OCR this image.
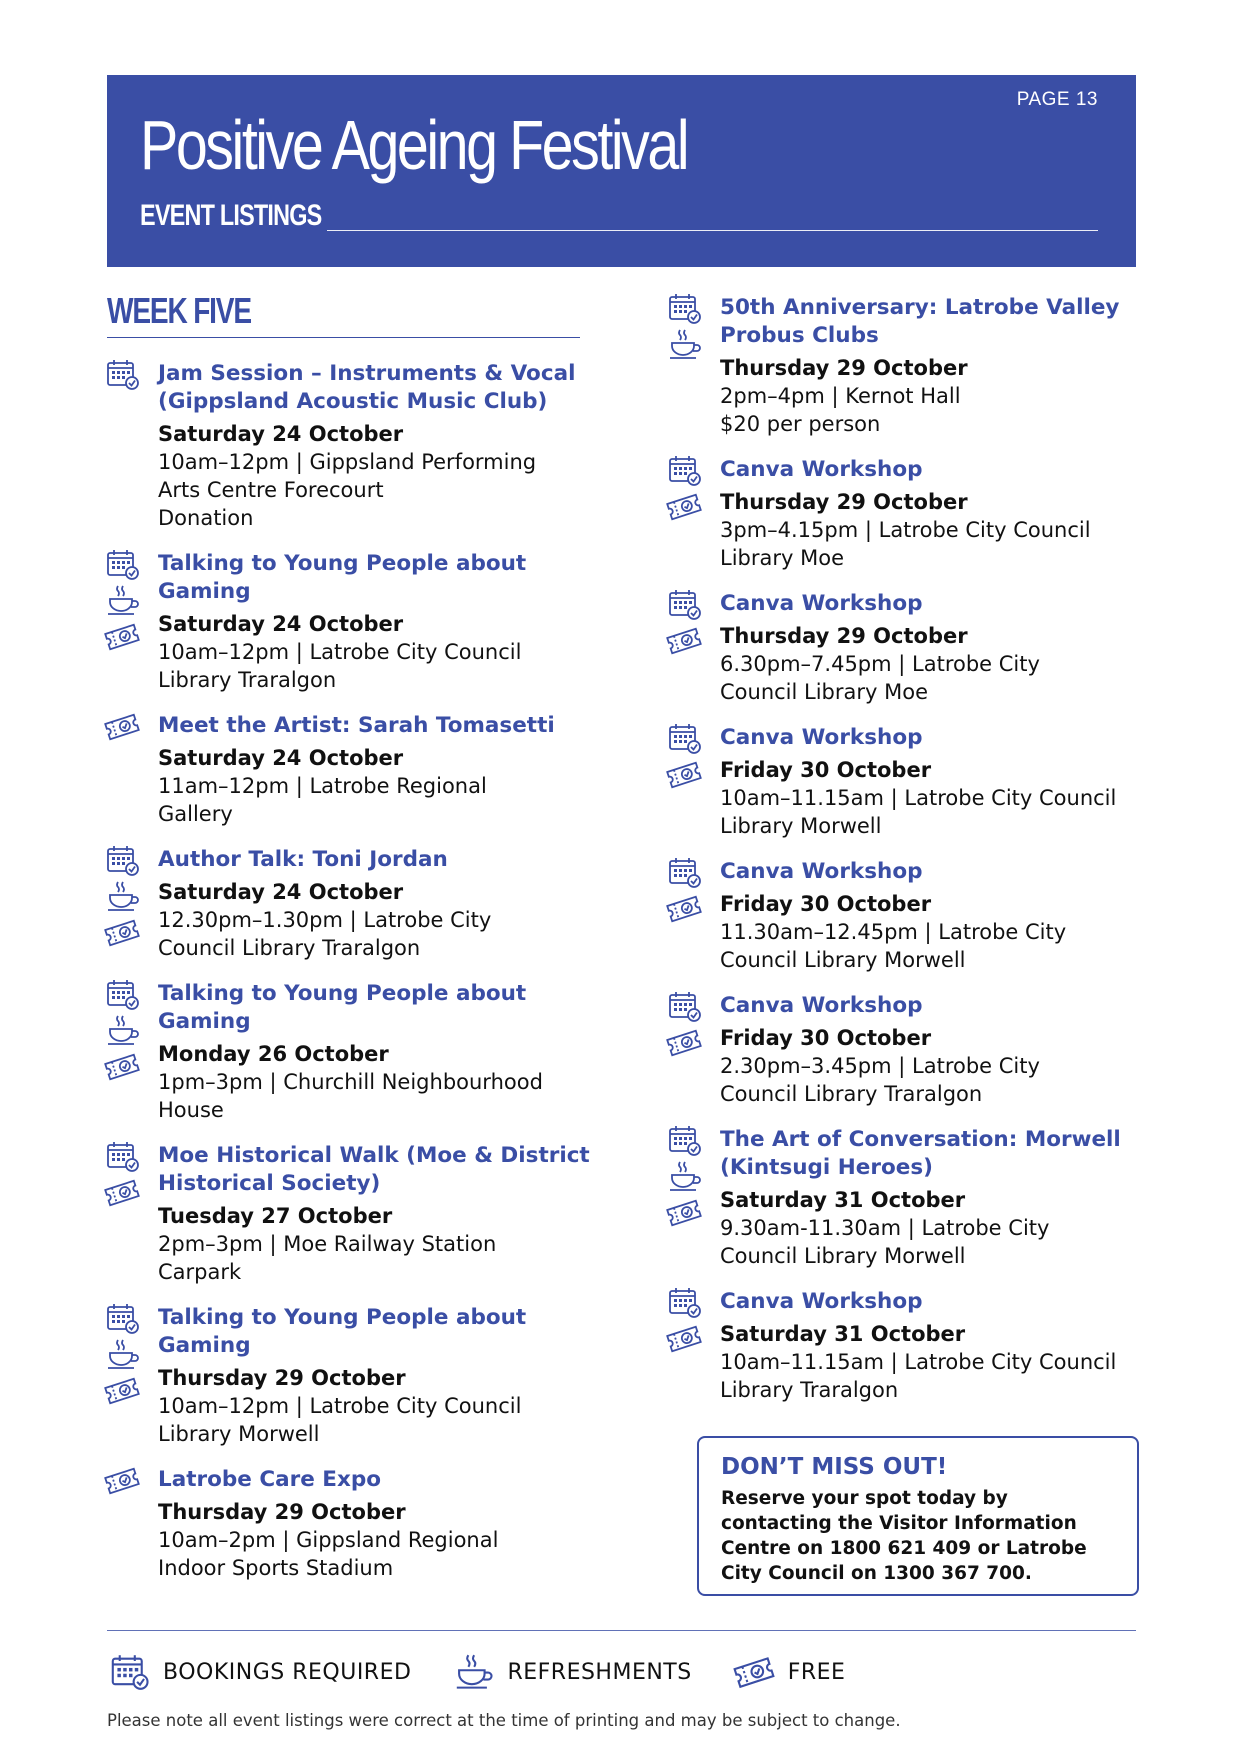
PAGE 13
Positive Ageing Festival
EVENT LISTINGS
WEEK FIVE
Jam Session – Instruments & Vocal (Gippsland Acoustic Music Club)
Saturday 24 October
10am–12pm | Gippsland Performing
Arts Centre Forecourt
Donation
Talking to Young People about Gaming
Saturday 24 October
10am–12pm | Latrobe City Council
Library Traralgon
Meet the Artist: Sarah Tomasetti
Saturday 24 October
11am–12pm | Latrobe Regional
Gallery
Author Talk: Toni Jordan
Saturday 24 October
12.30pm–1.30pm | Latrobe City
Council Library Traralgon
Talking to Young People about Gaming
Monday 26 October
1pm–3pm | Churchill Neighbourhood
House
Moe Historical Walk (Moe & District Historical Society)
Tuesday 27 October
2pm–3pm | Moe Railway Station
Carpark
Talking to Young People about Gaming
Thursday 29 October
10am–12pm | Latrobe City Council
Library Morwell
Latrobe Care Expo
Thursday 29 October
10am–2pm | Gippsland Regional
Indoor Sports Stadium
50th Anniversary: Latrobe Valley Probus Clubs
Thursday 29 October
2pm–4pm | Kernot Hall
$20 per person
Canva Workshop
Thursday 29 October
3pm–4.15pm | Latrobe City Council
Library Moe
Canva Workshop
Thursday 29 October
6.30pm–7.45pm | Latrobe City
Council Library Moe
Canva Workshop
Friday 30 October
10am–11.15am | Latrobe City Council
Library Morwell
Canva Workshop
Friday 30 October
11.30am–12.45pm | Latrobe City
Council Library Morwell
Canva Workshop
Friday 30 October
2.30pm–3.45pm | Latrobe City
Council Library Traralgon
The Art of Conversation: Morwell (Kintsugi Heroes)
Saturday 31 October
9.30am-11.30am | Latrobe City
Council Library Morwell
Canva Workshop
Saturday 31 October
10am–11.15am | Latrobe City Council
Library Traralgon
DON’T MISS OUT!
Reserve your spot today by contacting the Visitor Information Centre on 1800 621 409 or Latrobe City Council on 1300 367 700.
BOOKINGS REQUIRED	REFRESHMENTS	FREE
Please note all event listings were correct at the time of printing and may be subject to change.
